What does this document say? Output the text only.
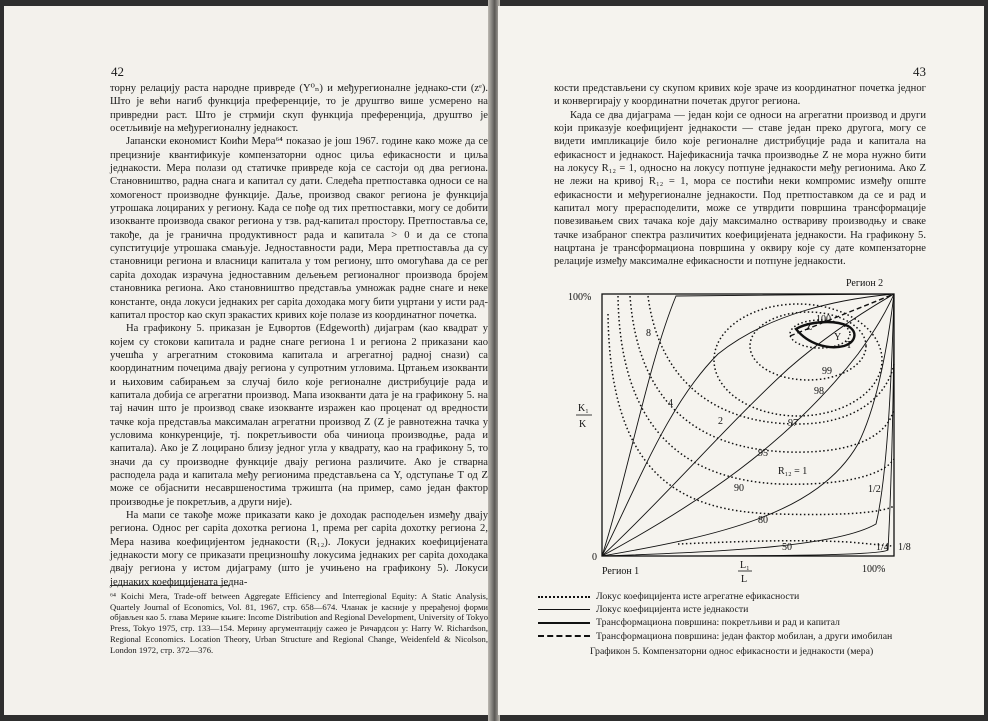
42

торну релацију раста народне привреде (Y⁰ₙ) и међурегионалне једнако-сти (zᵉ). Што је већи нагиб функција преференције, то је друштво више усмерено на привредни раст. Што је стрмији скуп функција преференција, друштво је осетљивије на међурегионалну једнакост.

Јапански економист Коићи Мера⁶⁴ показао је још 1967. године како може да се прецизније квантификује компензаторни однос циља ефикасности и циља једнакости. Мера полази од статичке привреде која се састоји од два региона. Становништво, радна снага и капитал су дати. Следећа претпоставка односи се на хомогеност производне функције. Даље, производ сваког региона је функција утрошака лоцираних у региону. Када се пође од тих претпоставки, могу се добити изокванте производа сваког региона у тзв. рад-капитал простору. Претпоставља се, такође, да је гранична продуктивност рада и капитала > 0 и да се стопа супституције утрошака смањује. Једноставности ради, Мера претпоставља да су становници региона и власници капитала у том региону, што омогућава да се per capita доходак израчуна једноставним дељењем регионалног производа бројем становника региона. Ако становништво представља умножак радне снаге и неке константе, онда локуси једнаких per capita доходака могу бити уцртани у исти рад-капитал простор као скуп зракастих кривих које полазе из координатног почетка.

На графикону 5. приказан је Еџвортов (Edgeworth) дијаграм (као квадрат у којем су стокови капитала и радне снаге региона 1 и региона 2 приказани као учешћа у агрегатним стоковима капитала и агрегатној радној снази) са координатним почецима двају региона у супротним угловима. Цртањем изокванти и њиховим сабирањем за случај било које регионалне дистрибуције рада и капитала добија се агрегатни производ. Мапа изокванти дата је на графикону 5. на тај начин што је производ сваке изокванте изражен као проценат од вредности тачке која представља максималан агрегатни производ Z (Z је равнотежна тачка у условима конкуренције, тј. покретљивости оба чиниоца производње, рада и капитала). Ако је Z лоцирано близу једног угла у квадрату, као на графикону 5, то значи да су производне функције двају региона различите. Ако је стварна расподела рада и капитала међу регионима представљена са Y, одступање T од Z може се објаснити несавршеностима тржишта (на пример, само један фактор производње је покретљив, а други није).

На мапи се такође може приказати како је доходак расподељен између двају региона. Однос per capita дохотка региона 1, према per capita дохотку региона 2, Мера назива коефицијентом једнакости (R₁₂). Локуси једнаких коефицијената једнакости могу се приказати прецизношћу локусима једнаких per capita доходака двају региона у истом дијаграму (што је учињено на графикону 5). Локуси једнаких коефицијената једна-

⁶⁴ Koichi Mera, Trade-off between Aggregate Efficiency and Interregional Equity: A Static Analysis, Quartely Journal of Economics, Vol. 81, 1967, стр. 658—674. Чланак је касније у прерађеној форми објављен као 5. глава Мерине књиге: Income Distribution and Regional Development, University of Tokyo Press, Tokyo 1975, стр. 133—154. Мерину аргументацију сажео је Ричардсон у: Harry W. Richardson, Regional Economics. Location Theory, Urban Structure and Regional Change, Weidenfeld & Nicolson, London 1972, стр. 372—376.
43

кости представљени су скупом кривих које зраче из координатног почетка једног и конвергирају у координатни почетак другог региона.

Када се два дијаграма — један који се односи на агрегатни производ и други који приказује коефицијент једнакости — ставе један преко другога, могу се видети импликације било које регионалне дистрибуције рада и капитала на ефикасност и једнакост. Најефикаснија тачка производње Z не мора нужно бити на локусу R₁₂ = 1, односно на локусу потпуне једнакости међу регионима. Ако Z не лежи на кривој R₁₂ = 1, мора се постићи неки компромис између опште ефикасности и међурегионалне једнакости. Под претпоставком да се и рад и капитал могу прерасподелити, може се утврдити површина трансформације повезивањем свих тачака које дају максимално оствариву производњу и сваке тачке изабраног спектра различитих коефицијената једнакости. На графикону 5. нацртана је трансформациона површина у оквиру које су дате компензаторне релације између максималне ефикасности и потпуне једнакости.

Регион 2
100%
0
Регион 1	100%
K₁
K
L₁
L
Z
Y
T
100
99
98
97
95
90
80
50
8
4
2
R₁₂ = 1
1/2
1/4 1/8
Локус коефицијента исте агрегатне ефикасности
Локус коефицијента исте једнакости
Трансформациона површина: покретљиви и рад и капитал
Трансформациона површина: један фактор мобилан, а други имобилан
Графикон 5. Компензаторни однос ефикасности и једнакости (мера)
